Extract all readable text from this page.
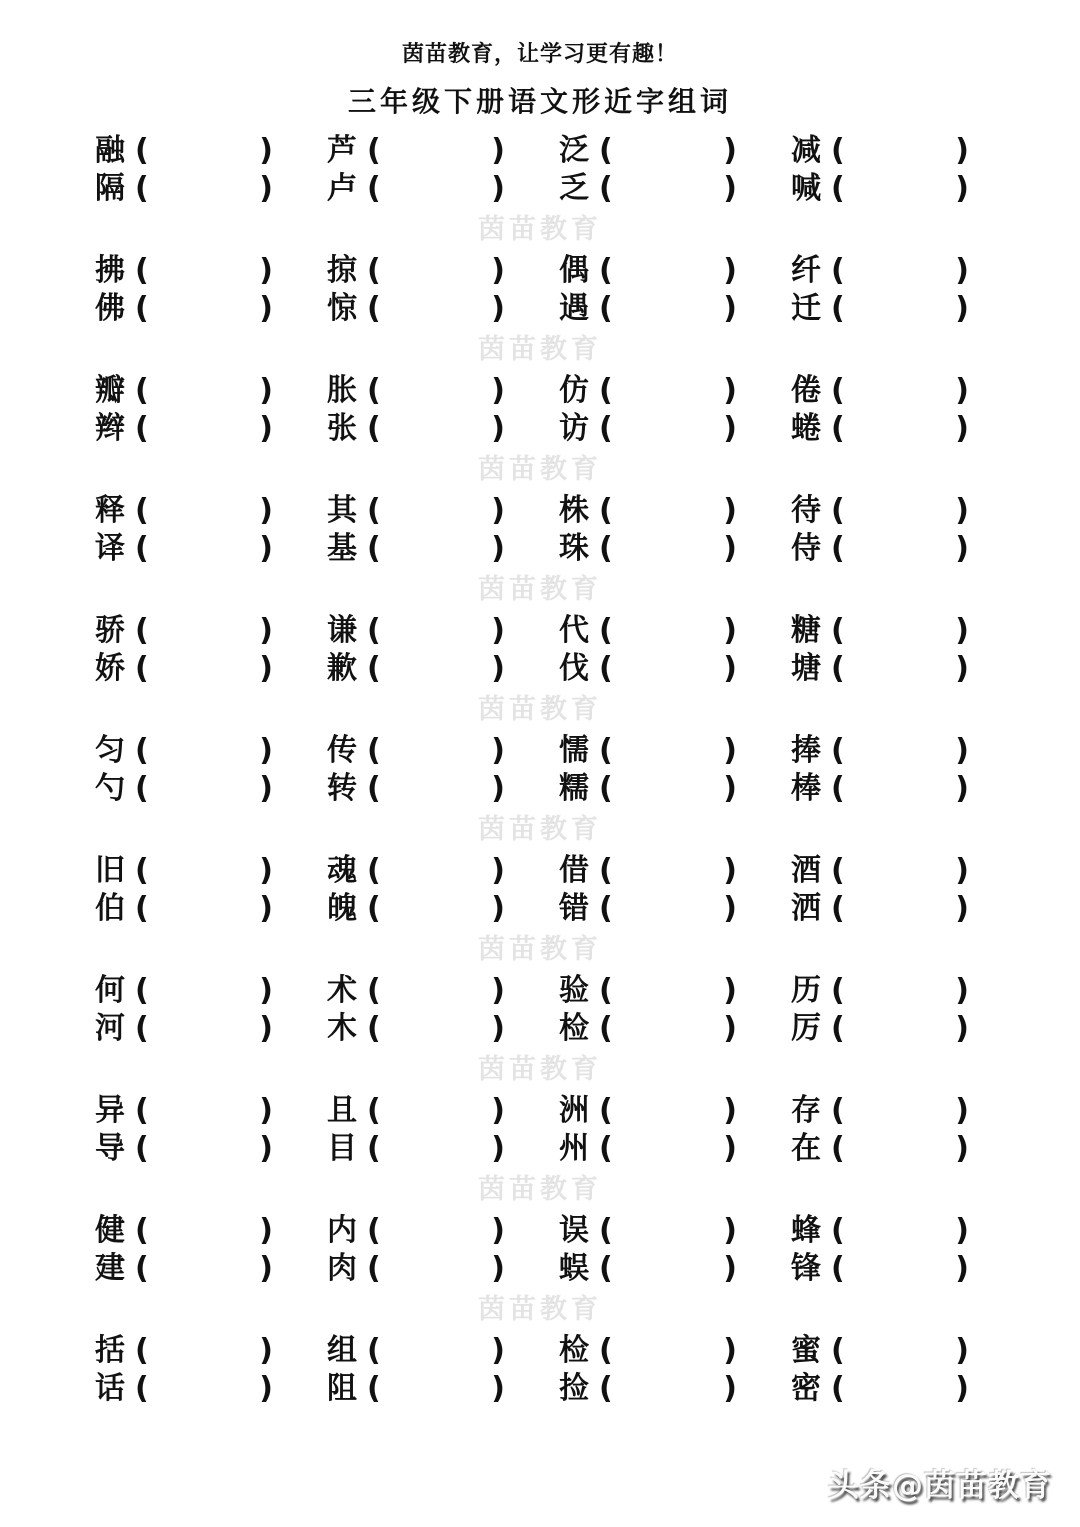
茵苗教育，让学习更有趣！
三年级下册语文形近字组词
融 (	) 芦 (	) 泛 (	) 减 (	)
隔 (	) 卢 (	) 乏 (	) 喊 (	)
茵苗教育
拂 (	) 掠 (	) 偶 (	) 纤 (	)
佛 (	) 惊 (	) 遇 (	) 迁 (	)
茵苗教育
瓣 (	) 胀 (	) 仿 (	) 倦 (	)
辫 (	) 张 (	) 访 (	) 蜷 (	)
茵苗教育
释 (	) 其 (	) 株 (	) 待 (	)
译 (	) 基 (	) 珠 (	) 侍 (	)
茵苗教育
骄 (	) 谦 (	) 代 (	) 糖 (	)
娇 (	) 歉 (	) 伐 (	) 塘 (	)
茵苗教育
匀 (	) 传 (	) 懦 (	) 捧 (	)
勺 (	) 转 (	) 糯 (	) 棒 (	)
茵苗教育
旧 (	) 魂 (	) 借 (	) 酒 (	)
伯 (	) 魄 (	) 错 (	) 洒 (	)
茵苗教育
何 (	) 术 (	) 验 (	) 历 (	)
河 (	) 木 (	) 检 (	) 厉 (	)
茵苗教育
异 (	) 且 (	) 洲 (	) 存 (	)
导 (	) 目 (	) 州 (	) 在 (	)
茵苗教育
健 (	) 内 (	) 误 (	) 蜂 (	)
建 (	) 肉 (	) 蜈 (	) 锋 (	)
茵苗教育
括 (	) 组 (	) 检 (	) 蜜 (	)
话 (	) 阻 (	) 捡 (	) 密 (	)
头条@茵苗教育
